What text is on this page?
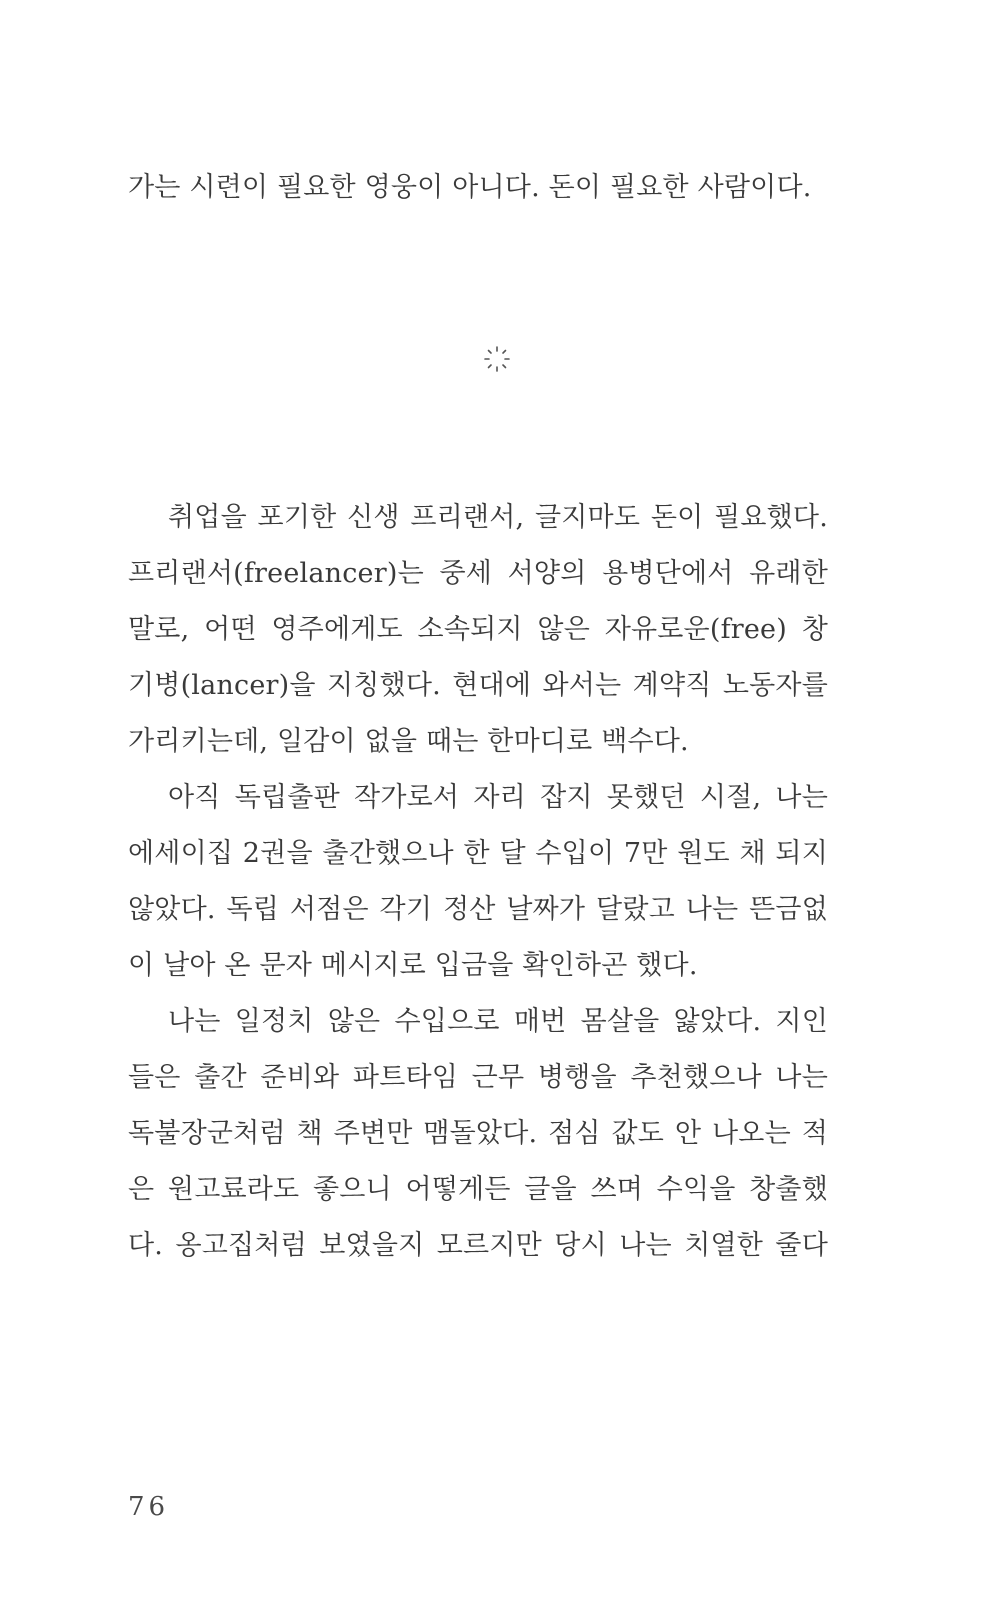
가는 시련이 필요한 영웅이 아니다. 돈이 필요한 사람이다.
취업을 포기한 신생 프리랜서, 글지마도 돈이 필요했다.
프리랜서(freelancer)는 중세 서양의 용병단에서 유래한
말로, 어떤 영주에게도 소속되지 않은 자유로운(free) 창
기병(lancer)을 지칭했다. 현대에 와서는 계약직 노동자를
가리키는데, 일감이 없을 때는 한마디로 백수다.
아직 독립출판 작가로서 자리 잡지 못했던 시절, 나는
에세이집 2권을 출간했으나 한 달 수입이 7만 원도 채 되지
않았다. 독립 서점은 각기 정산 날짜가 달랐고 나는 뜬금없
이 날아 온 문자 메시지로 입금을 확인하곤 했다.
나는 일정치 않은 수입으로 매번 몸살을 앓았다. 지인
들은 출간 준비와 파트타임 근무 병행을 추천했으나 나는
독불장군처럼 책 주변만 맴돌았다. 점심 값도 안 나오는 적
은 원고료라도 좋으니 어떻게든 글을 쓰며 수익을 창출했
다. 옹고집처럼 보였을지 모르지만 당시 나는 치열한 줄다
76
